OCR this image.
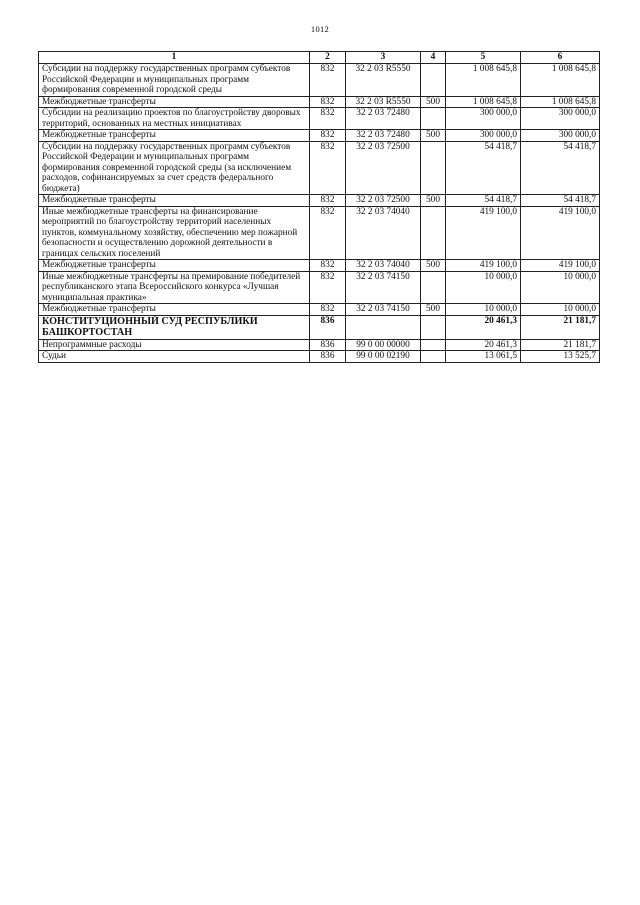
1012
1	2	3	4	5	6
Субсидии на поддержку государственных программ субъектов Российской Федерации и муниципальных программ формирования современной городской среды	832	32 2 03 R5550		1 008 645,8	1 008 645,8
Межбюджетные трансферты	832	32 2 03 R5550	500	1 008 645,8	1 008 645,8
Субсидии на реализацию проектов по благоустройству дворовых территорий, основанных на местных инициативах	832	32 2 03 72480		300 000,0	300 000,0
Межбюджетные трансферты	832	32 2 03 72480	500	300 000,0	300 000,0
Субсидии на поддержку государственных программ субъектов Российской Федерации и муниципальных программ формирования современной городской среды (за исключением расходов, софинансируемых за счет средств федерального бюджета)	832	32 2 03 72500		54 418,7	54 418,7
Межбюджетные трансферты	832	32 2 03 72500	500	54 418,7	54 418,7
Иные межбюджетные трансферты на финансирование мероприятий по благоустройству территорий населенных пунктов, коммунальному хозяйству, обеспечению мер пожарной безопасности и осуществлению дорожной деятельности в границах сельских поселений	832	32 2 03 74040		419 100,0	419 100,0
Межбюджетные трансферты	832	32 2 03 74040	500	419 100,0	419 100,0
Иные межбюджетные трансферты на премирование победителей республиканского этапа Всероссийского конкурса «Лучшая муниципальная практика»	832	32 2 03 74150		10 000,0	10 000,0
Межбюджетные трансферты	832	32 2 03 74150	500	10 000,0	10 000,0
КОНСТИТУЦИОННЫЙ СУД РЕСПУБЛИКИ БАШКОРТОСТАН	836			20 461,3	21 181,7
Непрограммные расходы	836	99 0 00 00000		20 461,3	21 181,7
Судьи	836	99 0 00 02190		13 061,5	13 525,7
